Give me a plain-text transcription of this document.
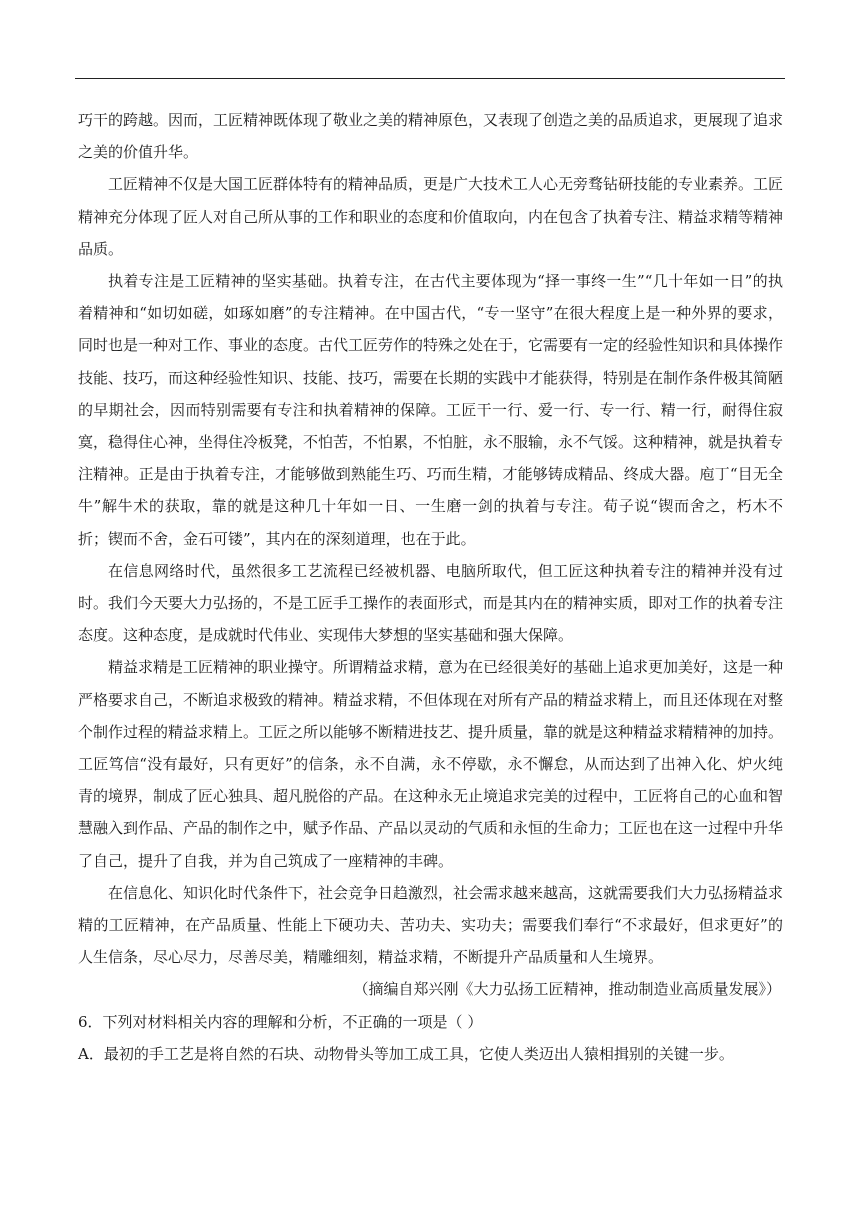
巧干的跨越。因而，工匠精神既体现了敬业之美的精神原色，又表现了创造之美的品质追求，更展现了追求之美的价值升华。

工匠精神不仅是大国工匠群体特有的精神品质，更是广大技术工人心无旁骛钻研技能的专业素养。工匠精神充分体现了匠人对自己所从事的工作和职业的态度和价值取向，内在包含了执着专注、精益求精等精神品质。

执着专注是工匠精神的坚实基础。执着专注，在古代主要体现为“择一事终一生”“几十年如一日”的执着精神和“如切如磋，如琢如磨”的专注精神。在中国古代，“专一坚守”在很大程度上是一种外界的要求，同时也是一种对工作、事业的态度。古代工匠劳作的特殊之处在于，它需要有一定的经验性知识和具体操作技能、技巧，而这种经验性知识、技能、技巧，需要在长期的实践中才能获得，特别是在制作条件极其简陋的早期社会，因而特别需要有专注和执着精神的保障。工匠干一行、爱一行、专一行、精一行，耐得住寂寞，稳得住心神，坐得住冷板凳，不怕苦，不怕累，不怕脏，永不服输，永不气馁。这种精神，就是执着专注精神。正是由于执着专注，才能够做到熟能生巧、巧而生精，才能够铸成精品、终成大器。庖丁“目无全牛”解牛术的获取，靠的就是这种几十年如一日、一生磨一剑的执着与专注。荀子说“锲而舍之，朽木不折；锲而不舍，金石可镂”，其内在的深刻道理，也在于此。

在信息网络时代，虽然很多工艺流程已经被机器、电脑所取代，但工匠这种执着专注的精神并没有过时。我们今天要大力弘扬的，不是工匠手工操作的表面形式，而是其内在的精神实质，即对工作的执着专注态度。这种态度，是成就时代伟业、实现伟大梦想的坚实基础和强大保障。

精益求精是工匠精神的职业操守。所谓精益求精，意为在已经很美好的基础上追求更加美好，这是一种严格要求自己，不断追求极致的精神。精益求精，不但体现在对所有产品的精益求精上，而且还体现在对整个制作过程的精益求精上。工匠之所以能够不断精进技艺、提升质量，靠的就是这种精益求精精神的加持。工匠笃信“没有最好，只有更好”的信条，永不自满，永不停歇，永不懈怠，从而达到了出神入化、炉火纯青的境界，制成了匠心独具、超凡脱俗的产品。在这种永无止境追求完美的过程中，工匠将自己的心血和智慧融入到作品、产品的制作之中，赋予作品、产品以灵动的气质和永恒的生命力；工匠也在这一过程中升华了自己，提升了自我，并为自己筑成了一座精神的丰碑。

在信息化、知识化时代条件下，社会竞争日趋激烈，社会需求越来越高，这就需要我们大力弘扬精益求精的工匠精神，在产品质量、性能上下硬功夫、苦功夫、实功夫；需要我们奉行“不求最好，但求更好”的人生信条，尽心尽力，尽善尽美，精雕细刻，精益求精，不断提升产品质量和人生境界。

（摘编自郑兴刚《大力弘扬工匠精神，推动制造业高质量发展》）

6．下列对材料相关内容的理解和分析，不正确的一项是（ ）

A．最初的手工艺是将自然的石块、动物骨头等加工成工具，它使人类迈出人猿相揖别的关键一步。
